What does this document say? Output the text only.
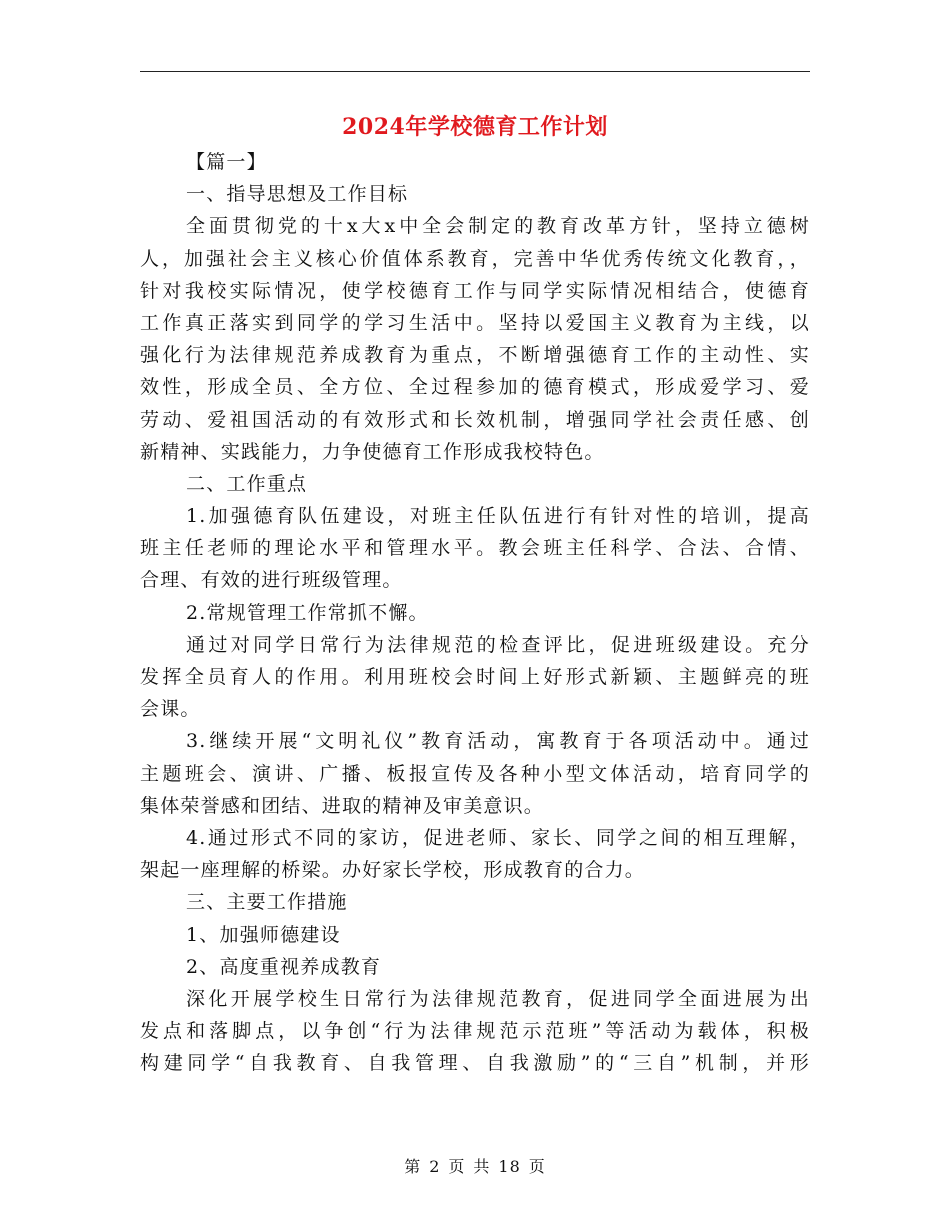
2024年学校德育工作计划
【篇一】
一、指导思想及工作目标
全面贯彻党的十x大x中全会制定的教育改革方针，坚持立德树
人，加强社会主义核心价值体系教育，完善中华优秀传统文化教育，，
针对我校实际情况，使学校德育工作与同学实际情况相结合，使德育
工作真正落实到同学的学习生活中。坚持以爱国主义教育为主线，以
强化行为法律规范养成教育为重点，不断增强德育工作的主动性、实
效性，形成全员、全方位、全过程参加的德育模式，形成爱学习、爱
劳动、爱祖国活动的有效形式和长效机制，增强同学社会责任感、创
新精神、实践能力，力争使德育工作形成我校特色。
二、工作重点
1.加强德育队伍建设，对班主任队伍进行有针对性的培训，提高
班主任老师的理论水平和管理水平。教会班主任科学、合法、合情、
合理、有效的进行班级管理。
2.常规管理工作常抓不懈。
通过对同学日常行为法律规范的检查评比，促进班级建设。充分
发挥全员育人的作用。利用班校会时间上好形式新颖、主题鲜亮的班
会课。
3.继续开展“文明礼仪”教育活动，寓教育于各项活动中。通过
主题班会、演讲、广播、板报宣传及各种小型文体活动，培育同学的
集体荣誉感和团结、进取的精神及审美意识。
4.通过形式不同的家访，促进老师、家长、同学之间的相互理解，
架起一座理解的桥梁。办好家长学校，形成教育的合力。
三、主要工作措施
1、加强师德建设
2、高度重视养成教育
深化开展学校生日常行为法律规范教育，促进同学全面进展为出
发点和落脚点，以争创“行为法律规范示范班”等活动为载体，积极
构建同学“自我教育、自我管理、自我激励”的“三自”机制，并形
第 2 页 共 18 页
